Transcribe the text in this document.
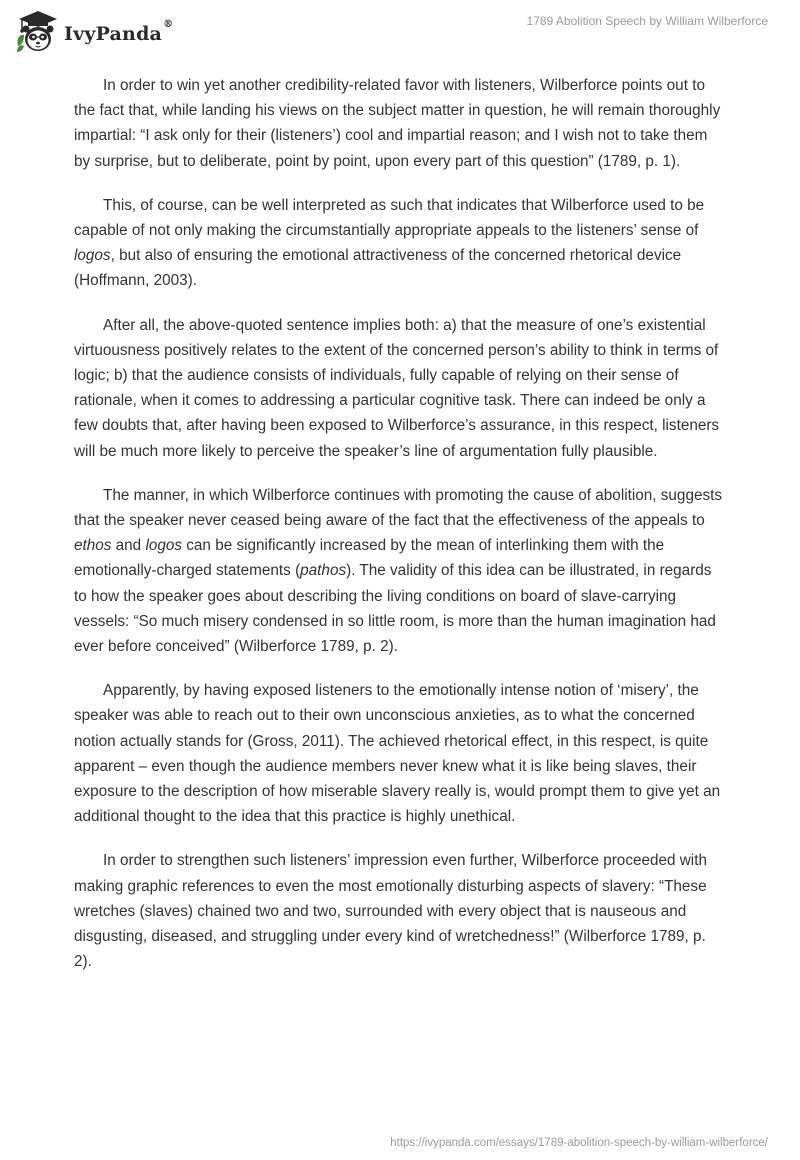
IvyPanda®	1789 Abolition Speech by William Wilberforce

In order to win yet another credibility-related favor with listeners, Wilberforce points out to the fact that, while landing his views on the subject matter in question, he will remain thoroughly impartial: “I ask only for their (listeners’) cool and impartial reason; and I wish not to take them by surprise, but to deliberate, point by point, upon every part of this question” (1789, p. 1).

This, of course, can be well interpreted as such that indicates that Wilberforce used to be capable of not only making the circumstantially appropriate appeals to the listeners’ sense of logos, but also of ensuring the emotional attractiveness of the concerned rhetorical device (Hoffmann, 2003).

After all, the above-quoted sentence implies both: a) that the measure of one’s existential virtuousness positively relates to the extent of the concerned person’s ability to think in terms of logic; b) that the audience consists of individuals, fully capable of relying on their sense of rationale, when it comes to addressing a particular cognitive task. There can indeed be only a few doubts that, after having been exposed to Wilberforce’s assurance, in this respect, listeners will be much more likely to perceive the speaker’s line of argumentation fully plausible.

The manner, in which Wilberforce continues with promoting the cause of abolition, suggests that the speaker never ceased being aware of the fact that the effectiveness of the appeals to ethos and logos can be significantly increased by the mean of interlinking them with the emotionally-charged statements (pathos). The validity of this idea can be illustrated, in regards to how the speaker goes about describing the living conditions on board of slave-carrying vessels: “So much misery condensed in so little room, is more than the human imagination had ever before conceived” (Wilberforce 1789, p. 2).

Apparently, by having exposed listeners to the emotionally intense notion of ‘misery’, the speaker was able to reach out to their own unconscious anxieties, as to what the concerned notion actually stands for (Gross, 2011). The achieved rhetorical effect, in this respect, is quite apparent – even though the audience members never knew what it is like being slaves, their exposure to the description of how miserable slavery really is, would prompt them to give yet an additional thought to the idea that this practice is highly unethical.

In order to strengthen such listeners’ impression even further, Wilberforce proceeded with making graphic references to even the most emotionally disturbing aspects of slavery: “These wretches (slaves) chained two and two, surrounded with every object that is nauseous and disgusting, diseased, and struggling under every kind of wretchedness!” (Wilberforce 1789, p. 2).

https://ivypanda.com/essays/1789-abolition-speech-by-william-wilberforce/
